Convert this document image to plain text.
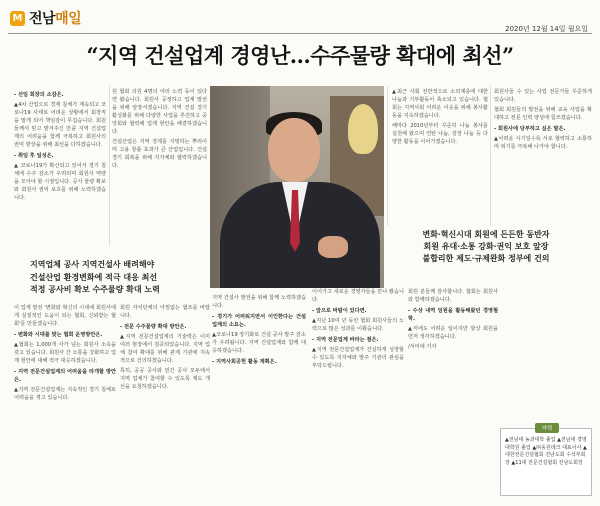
M 전남매일
2020년 12월 14일 월요일
“지역 건설업계 경영난…수주물량 확대에 최선”

- 선임 회장의 소감은.

▲4차 산업으로 경제 침체가 계속되고 코로나19 사태로 어려운 상황에서 회장직을 맡게 되어 책임감이 무겁습니다. 회원들께서 믿고 맡겨주신 만큼 지역 건설업계의 어려움을 함께 극복하고 회원사의 권익 향상을 위해 최선을 다하겠습니다.

- 취임 후 일성은.

▲ 코로나19가 확산되고 있어서 경기 침체에 수주 감소가 우려되며 회원사 역량을 모아야 할 시점입니다. 공사 물량 확보와 회원사 권익 보호를 위해 노력하겠습니다.

원 협회 의원 4명의 여러 노력 등이 있다면 봤습니다. 회원사 공정하고 업계 발전을 위해 앞장서겠습니다. 지역 건설 경기 활성화를 위해 다양한 사업을 추진하고 중앙회와 협력해 업계 현안을 해결하겠습니다.

건설산업은 지역 경제를 지탱하는 뿌리이며 고용 창출 효과가 큰 산업입니다. 건설 경기 회복을 위해 지자체와 협력하겠습니다.

▲최근 사회 전반적으로 소외계층에 대한 나눔과 기부활동이 축소되고 있습니다. 협회는 지역사회 어려운 이웃을 위해 봉사활동을 지속하겠습니다.

해마다 2010년부터 꾸준히 나눔 봉사를 실천해 왔으며 연탄 나눔, 김장 나눔 등 다양한 활동을 이어가겠습니다.

회원사들 수 있는 사업 전문가들 꾸준하게 있습니다.

협회 회원들의 발전을 위해 교육 사업을 확대하고 전문 인력 양성에 힘쓰겠습니다.

- 회원사에 당부하고 싶은 말은.

▲어려운 시기일수록 서로 협력하고 소통하며 위기를 극복해 나가야 합니다.

지역업체 공사 지역건설사 배려해야
건설산업 환경변화에 적극 대응 최선
적정 공사비 확보 수주물량 확대 노력
변화·혁신시대 회원에 든든한 동반자
회원 유대·소통 강화·권익 보호 앞장
불합리한 제도·규제완화 정부에 건의

이 업계 발전 '변화와 혁신의 시대에 회원사에게 실질적인 도움이 되는 협회, 신뢰받는 협회'를 만들겠습니다.

- 변화와 시대를 맞는 협회 운영방안은.

▲협회는 1,000개 사가 넘는 회원사 소속을 갖고 있습니다. 회원사 간 소통을 강화하고 업계 현안에 대해 적극 대응하겠습니다.

- 지역 전문건설업계의 어려움을 타개할 방안은.

▲지역 전문건설업계는 지속적인 경기 침체로 어려움을 겪고 있습니다.

회원 자치단체의 아낌없는 협조를 바랍니다.

- 전문 수주물량 확대 방안은.

▲지역 전문건설업계의 기술력은 이미 여러 현장에서 검증되었습니다. 지역 업체 참여 확대를 위해 관계 기관에 지속적으로 건의하겠습니다.

특히, 공공 공사와 민간 공사 모두에서 지역 업체가 참여할 수 있도록 제도 개선을 요청하겠습니다.

지역 건설사 발전을 위해 함께 노력하겠습니다.

- 경기가 어려워지면서 이인한다는 건설 업계의 소요는.

▲코로나19 장기화로 건설 공사 발주 감소가 우려됩니다. 지역 건설업계와 함께 대응하겠습니다.

- 지역사회공헌 활동 계획은.

이어가고 새로운 경영자들을 만나 봤습니다.

- 앞으로 바람이 있다면.

▲지난 10여 년 동안 협회 회원사들의 노력으로 많은 성과를 이뤘습니다.

- 지역 전문업계 바라는 점은.

▲지역 전문건설업계가 건실하게 성장할 수 있도록 지자체와 발주 기관의 관심을 부탁드립니다.

회원 분들께 감사합니다. 협회는 회원사와 함께하겠습니다.

- 수상 내역 임원을 활동해왔던 경영철학.

▲저에도 어려운 일이지만 항상 회원을 먼저 생각하겠습니다.

/서미애 기자

약력
▲전남대 농과대학 졸업 ▲전남대 경영대학원 졸업 ▲㈜동원테크 대표이사 ▲대한전문건설협회 전남도회 수석부회장 ▲11대 전문건설협회 전남도회장
